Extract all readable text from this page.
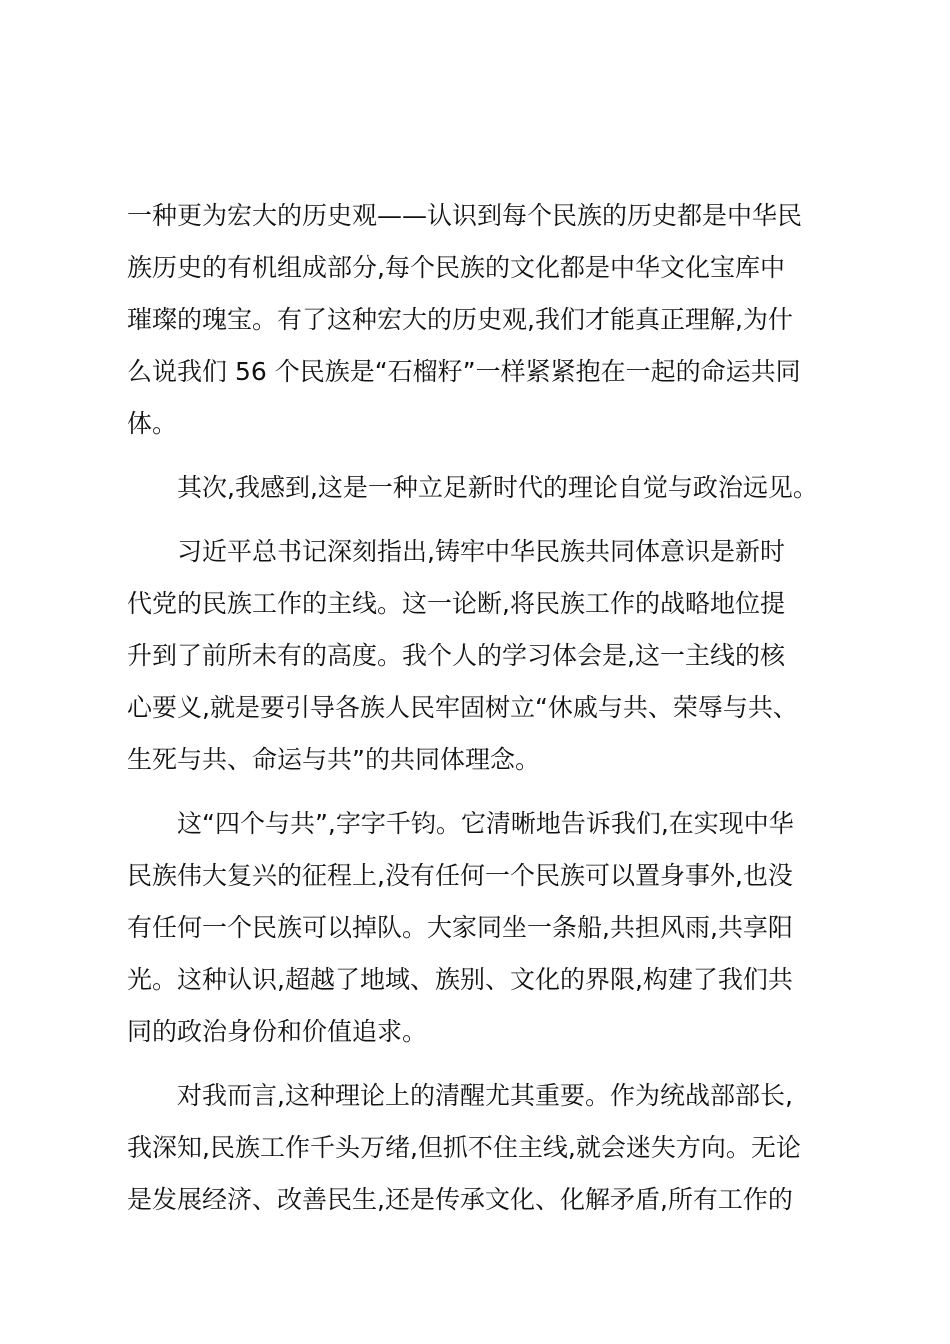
一种更为宏大的历史观——认识到每个民族的历史都是中华民
族历史的有机组成部分,每个民族的文化都是中华文化宝库中
璀璨的瑰宝。有了这种宏大的历史观,我们才能真正理解,为什
么说我们 56 个民族是“石榴籽”一样紧紧抱在一起的命运共同
体。
其次,我感到,这是一种立足新时代的理论自觉与政治远见。
习近平总书记深刻指出,铸牢中华民族共同体意识是新时
代党的民族工作的主线。这一论断,将民族工作的战略地位提
升到了前所未有的高度。我个人的学习体会是,这一主线的核
心要义,就是要引导各族人民牢固树立“休戚与共、荣辱与共、
生死与共、命运与共”的共同体理念。
这“四个与共”,字字千钧。它清晰地告诉我们,在实现中华
民族伟大复兴的征程上,没有任何一个民族可以置身事外,也没
有任何一个民族可以掉队。大家同坐一条船,共担风雨,共享阳
光。这种认识,超越了地域、族别、文化的界限,构建了我们共
同的政治身份和价值追求。
对我而言,这种理论上的清醒尤其重要。作为统战部部长,
我深知,民族工作千头万绪,但抓不住主线,就会迷失方向。无论
是发展经济、改善民生,还是传承文化、化解矛盾,所有工作的
